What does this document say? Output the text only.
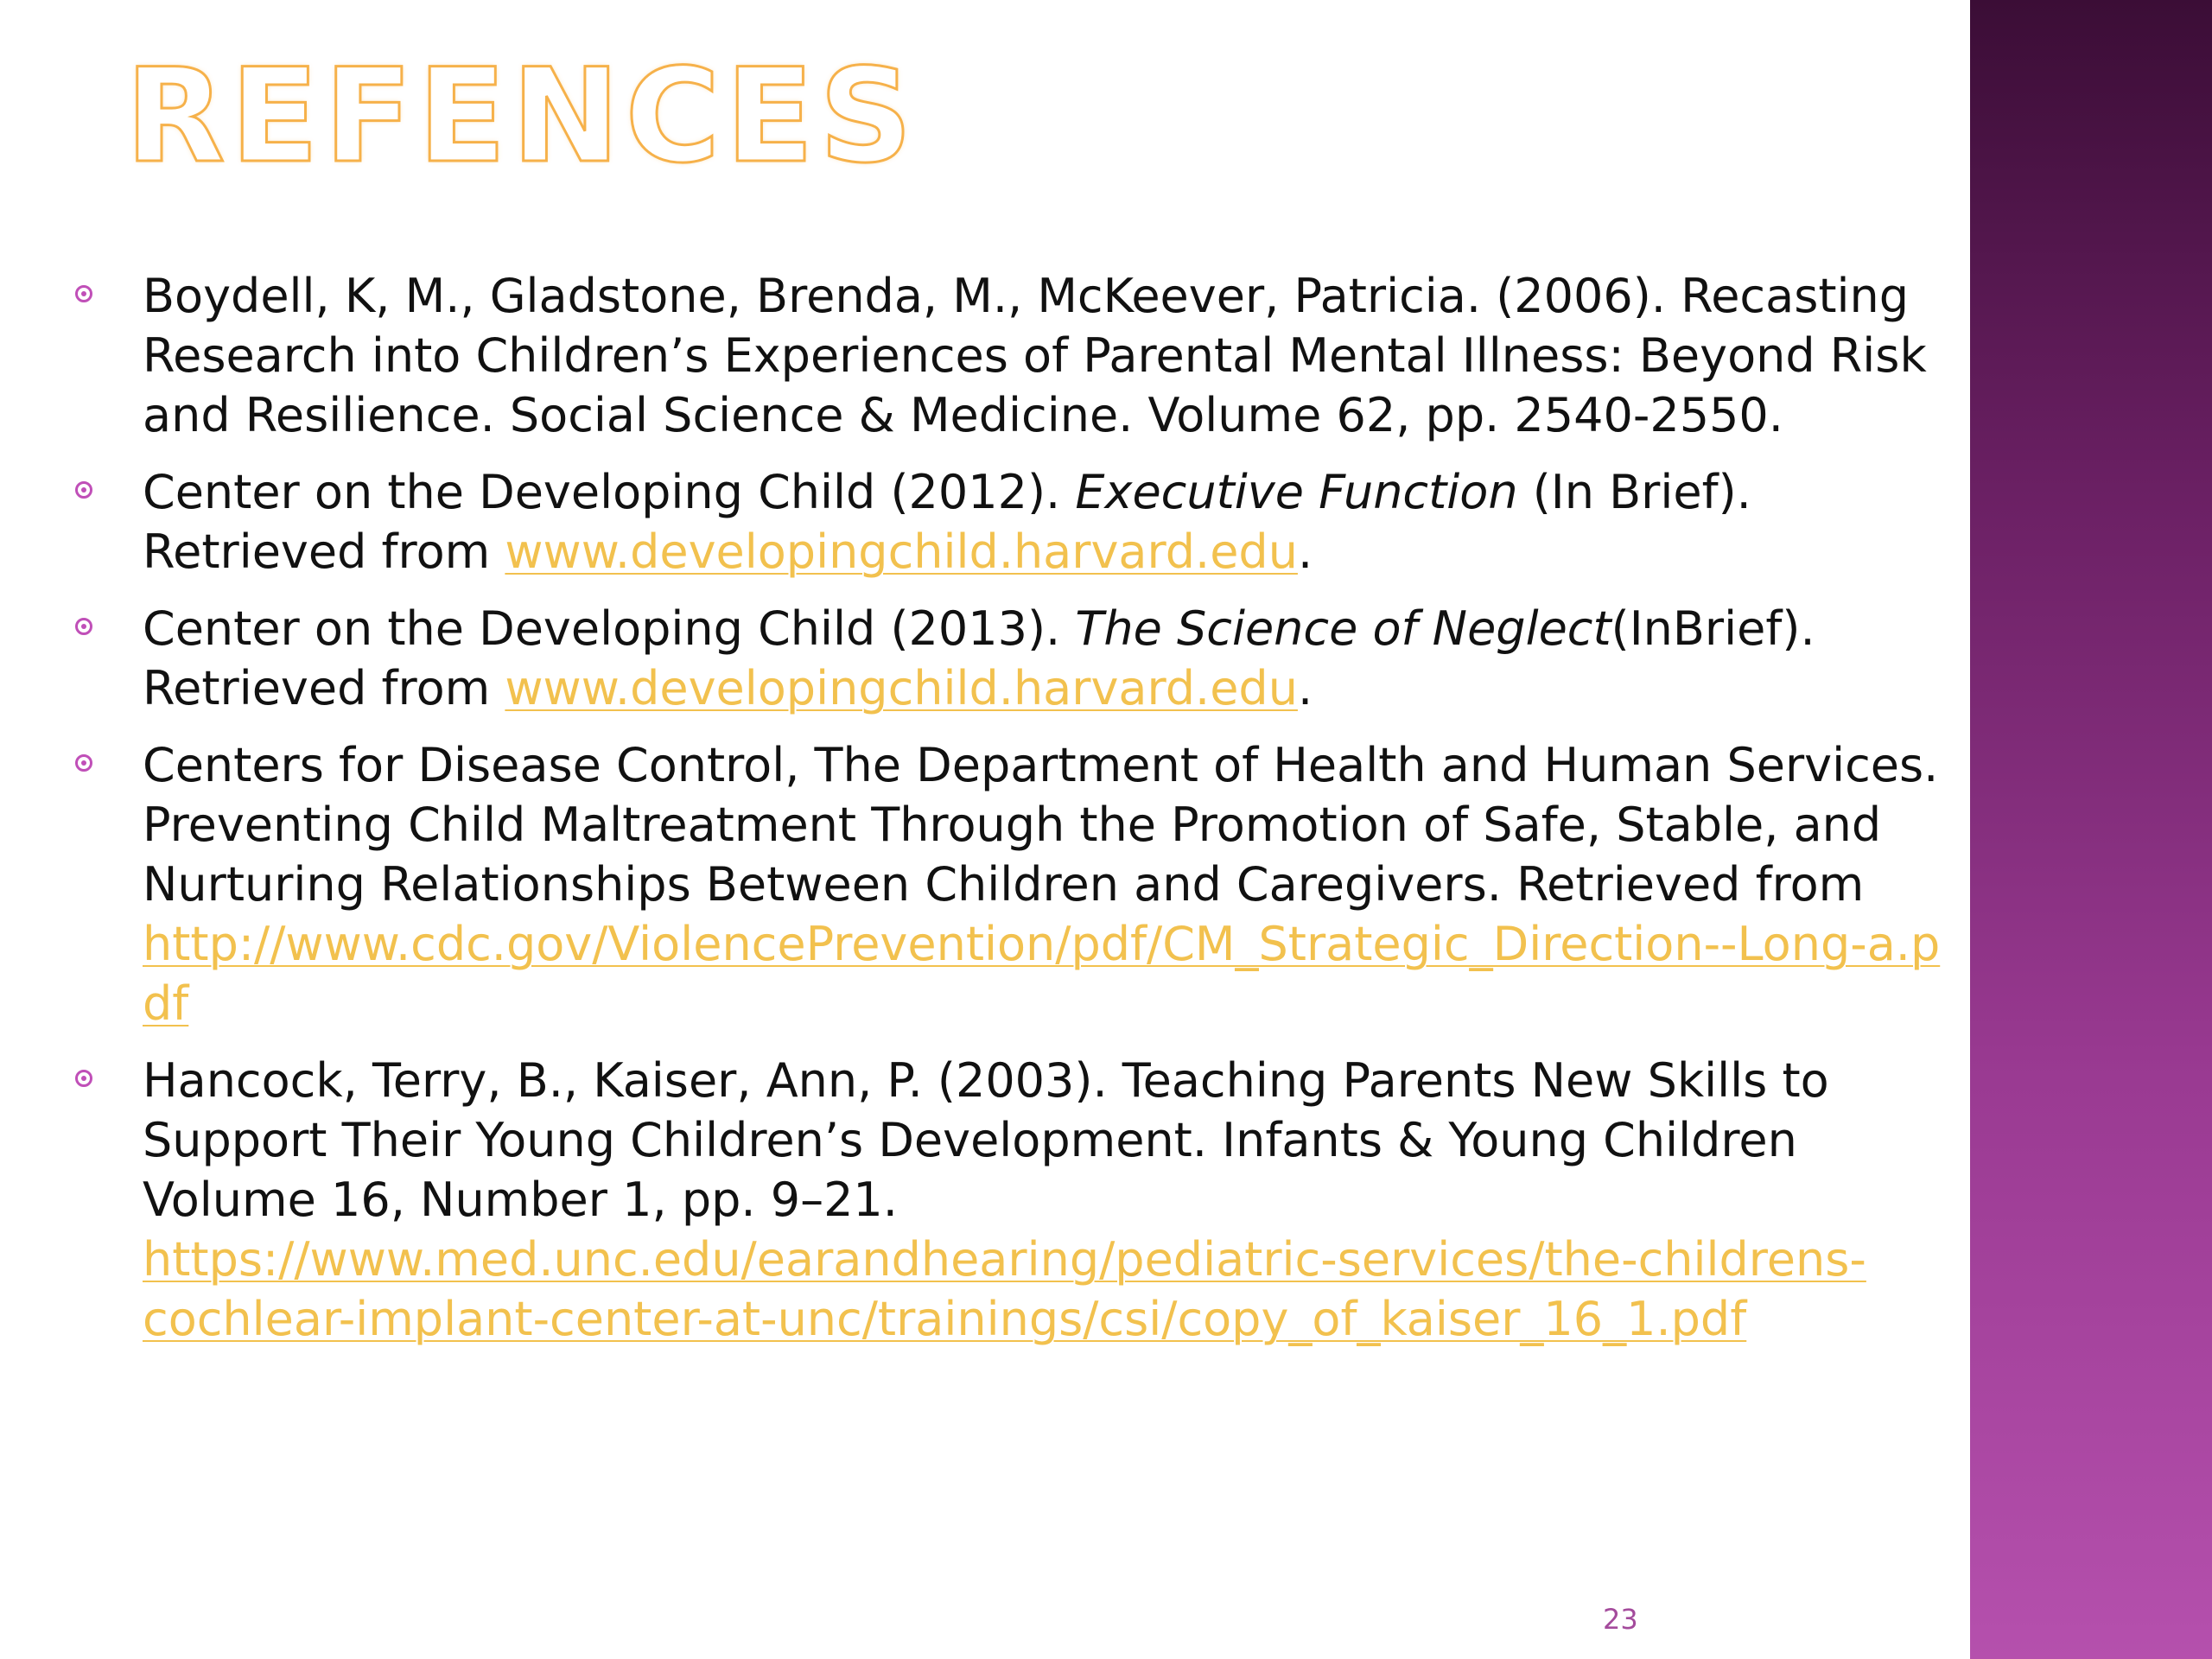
REFENCES
Boydell, K, M., Gladstone, Brenda, M., McKeever, Patricia. (2006). Recasting Research into Children’s Experiences of Parental Mental Illness: Beyond Risk and Resilience. Social Science & Medicine. Volume 62, pp. 2540-2550.
Center on the Developing Child (2012). Executive Function (In Brief). Retrieved from www.developingchild.harvard.edu.
Center on the Developing Child (2013). The Science of Neglect(InBrief). Retrieved from www.developingchild.harvard.edu.
Centers for Disease Control, The Department of Health and Human Services. Preventing Child Maltreatment Through the Promotion of Safe, Stable, and Nurturing Relationships Between Children and Caregivers. Retrieved from
http://www.cdc.gov/ViolencePrevention/pdf/CM_Strategic_Direction--Long-a.pdf
Hancock, Terry, B., Kaiser, Ann, P. (2003). Teaching Parents New Skills to Support Their Young Children’s Development. Infants & Young Children Volume 16, Number 1, pp. 9–21.
https://www.med.unc.edu/earandhearing/pediatric-services/the-childrens-cochlear-implant-center-at-unc/trainings/csi/copy_of_kaiser_16_1.pdf
23
